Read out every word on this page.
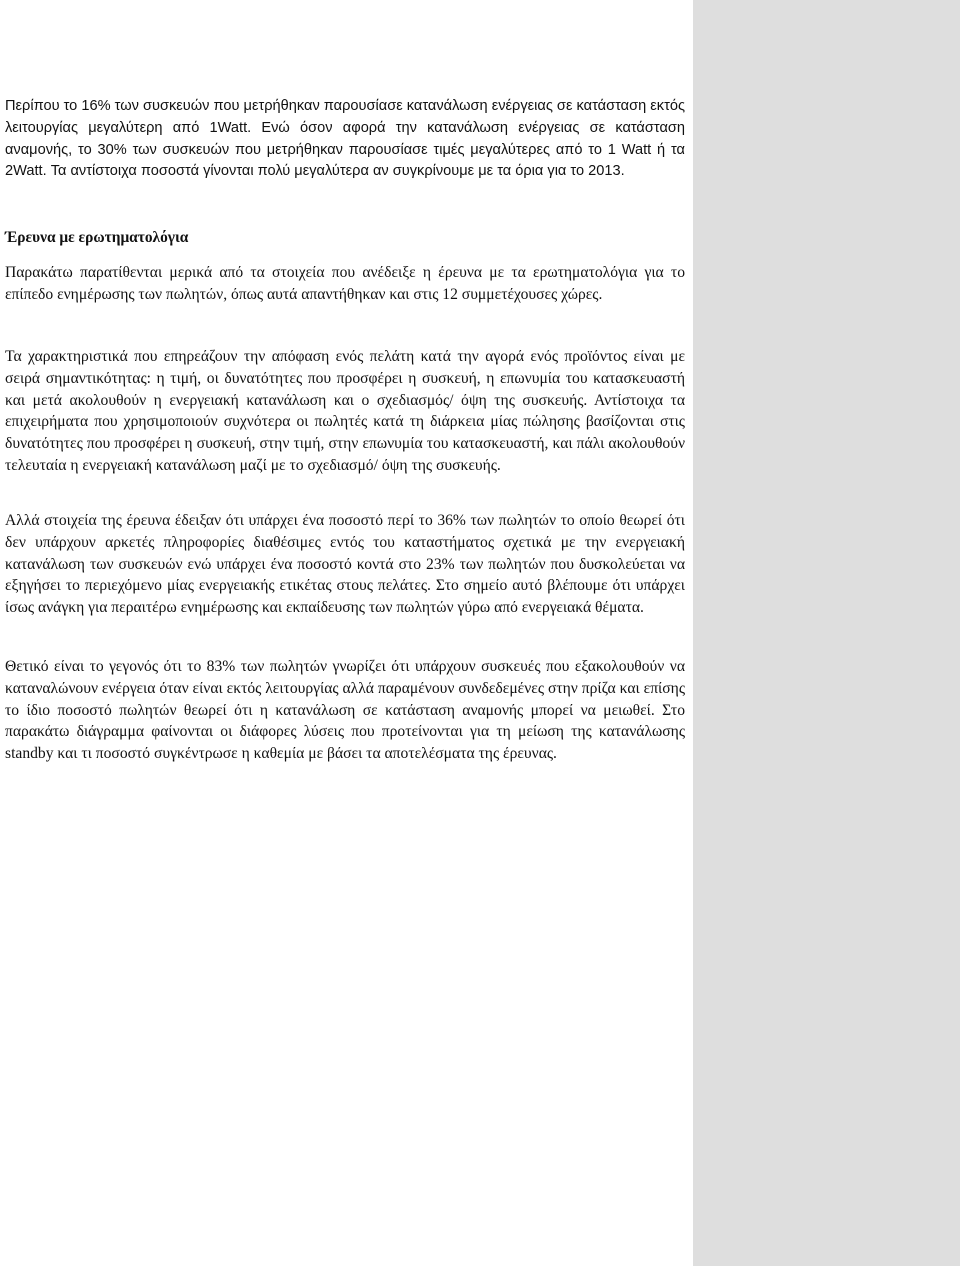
Περίπου το 16% των συσκευών που μετρήθηκαν παρουσίασε κατανάλωση ενέργειας σε κατάσταση εκτός λειτουργίας μεγαλύτερη από 1Watt. Ενώ όσον αφορά την κατανάλωση ενέργειας σε κατάσταση αναμονής, το 30% των συσκευών που μετρήθηκαν παρουσίασε τιμές μεγαλύτερες από το 1 Watt ή τα 2Watt. Τα αντίστοιχα ποσοστά γίνονται πολύ μεγαλύτερα αν συγκρίνουμε με τα όρια για το 2013.

Έρευνα με ερωτηματολόγια

Παρακάτω παρατίθενται μερικά από τα στοιχεία που ανέδειξε η έρευνα με τα ερωτηματολόγια για το επίπεδο ενημέρωσης των πωλητών, όπως αυτά απαντήθηκαν και στις 12 συμμετέχουσες χώρες.

Τα χαρακτηριστικά που επηρεάζουν την απόφαση ενός πελάτη κατά την αγορά ενός προϊόντος είναι με σειρά σημαντικότητας: η τιμή, οι δυνατότητες που προσφέρει η συσκευή, η επωνυμία του κατασκευαστή και μετά ακολουθούν η ενεργειακή κατανάλωση και ο σχεδιασμός/ όψη της συσκευής. Αντίστοιχα τα επιχειρήματα που χρησιμοποιούν συχνότερα οι πωλητές κατά τη διάρκεια μίας πώλησης βασίζονται στις δυνατότητες που προσφέρει η συσκευή, στην τιμή, στην επωνυμία του κατασκευαστή, και πάλι ακολουθούν τελευταία η ενεργειακή κατανάλωση μαζί με το σχεδιασμό/ όψη της συσκευής.

Αλλά στοιχεία της έρευνα έδειξαν ότι υπάρχει ένα ποσοστό περί το 36% των πωλητών το οποίο θεωρεί ότι δεν υπάρχουν αρκετές πληροφορίες διαθέσιμες εντός του καταστήματος σχετικά με την ενεργειακή κατανάλωση των συσκευών ενώ υπάρχει ένα ποσοστό κοντά στο 23% των πωλητών που δυσκολεύεται να εξηγήσει το περιεχόμενο μίας ενεργειακής ετικέτας στους πελάτες. Στο σημείο αυτό βλέπουμε ότι υπάρχει ίσως ανάγκη για περαιτέρω ενημέρωσης και εκπαίδευσης των πωλητών γύρω από ενεργειακά θέματα.

Θετικό είναι το γεγονός ότι το 83% των πωλητών γνωρίζει ότι υπάρχουν συσκευές που εξακολουθούν να καταναλώνουν ενέργεια όταν είναι εκτός λειτουργίας αλλά παραμένουν συνδεδεμένες στην πρίζα και επίσης το ίδιο ποσοστό πωλητών θεωρεί ότι η κατανάλωση σε κατάσταση αναμονής μπορεί να μειωθεί. Στο παρακάτω διάγραμμα φαίνονται οι διάφορες λύσεις που προτείνονται για τη μείωση της κατανάλωσης standby και τι ποσοστό συγκέντρωσε η καθεμία με βάσει τα αποτελέσματα της έρευνας.
